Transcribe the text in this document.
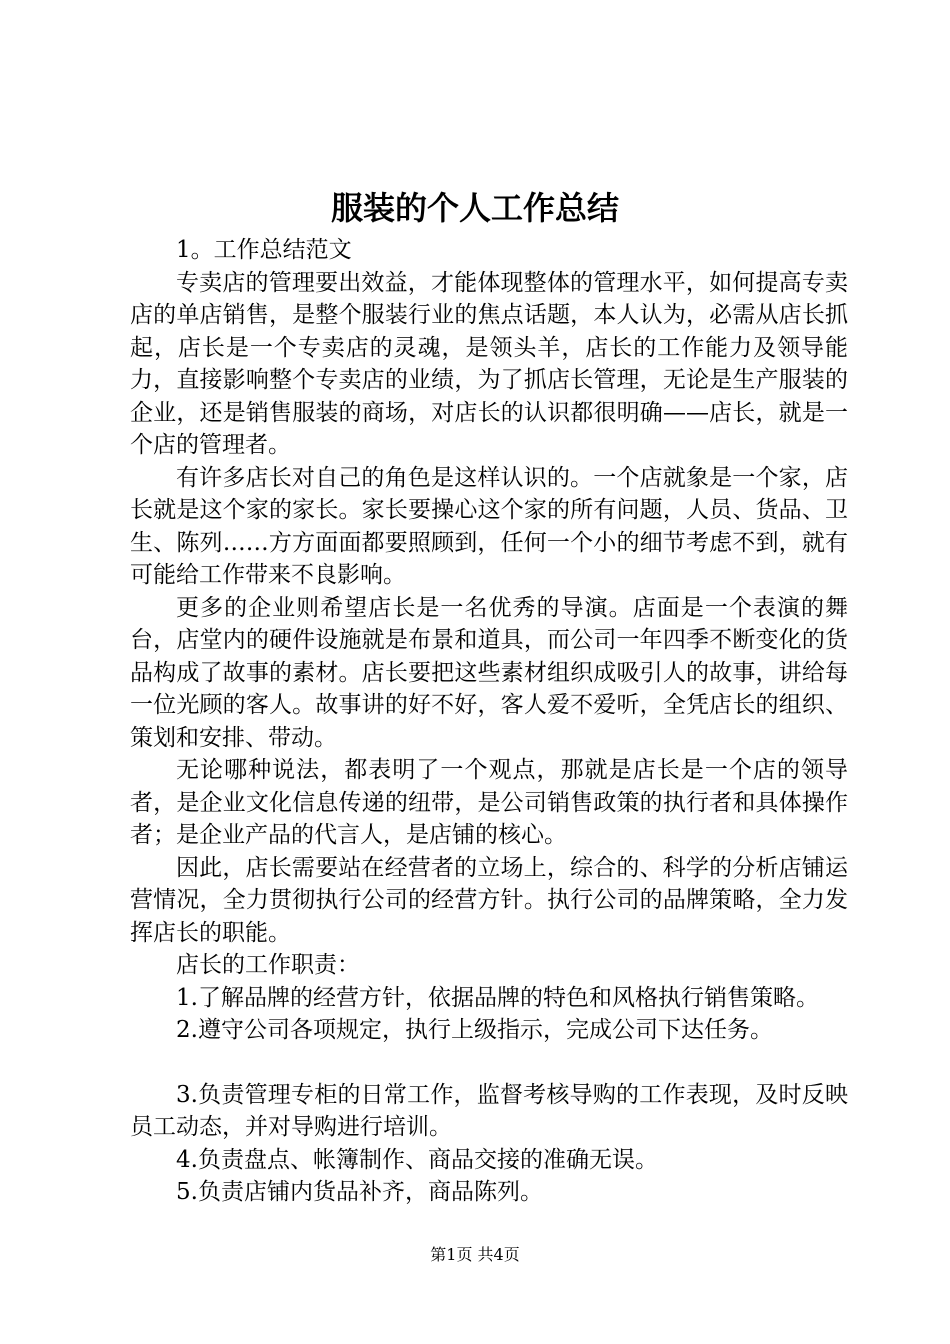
服装的个人工作总结

1。工作总结范文

专卖店的管理要出效益，才能体现整体的管理水平，如何提高专卖店的单店销售，是整个服装行业的焦点话题，本人认为，必需从店长抓起，店长是一个专卖店的灵魂，是领头羊，店长的工作能力及领导能力，直接影响整个专卖店的业绩，为了抓店长管理，无论是生产服装的企业，还是销售服装的商场，对店长的认识都很明确——店长，就是一个店的管理者。

有许多店长对自己的角色是这样认识的。一个店就象是一个家，店长就是这个家的家长。家长要操心这个家的所有问题，人员、货品、卫生、陈列……方方面面都要照顾到，任何一个小的细节考虑不到，就有可能给工作带来不良影响。

更多的企业则希望店长是一名优秀的导演。店面是一个表演的舞台，店堂内的硬件设施就是布景和道具，而公司一年四季不断变化的货品构成了故事的素材。店长要把这些素材组织成吸引人的故事，讲给每一位光顾的客人。故事讲的好不好，客人爱不爱听，全凭店长的组织、策划和安排、带动。

无论哪种说法，都表明了一个观点，那就是店长是一个店的领导者，是企业文化信息传递的纽带，是公司销售政策的执行者和具体操作者；是企业产品的代言人，是店铺的核心。

因此，店长需要站在经营者的立场上，综合的、科学的分析店铺运营情况，全力贯彻执行公司的经营方针。执行公司的品牌策略，全力发挥店长的职能。

店长的工作职责：

1.了解品牌的经营方针，依据品牌的特色和风格执行销售策略。

2.遵守公司各项规定，执行上级指示，完成公司下达任务。

3.负责管理专柜的日常工作，监督考核导购的工作表现，及时反映员工动态，并对导购进行培训。

4.负责盘点、帐簿制作、商品交接的准确无误。

5.负责店铺内货品补齐，商品陈列。

第1页 共4页
